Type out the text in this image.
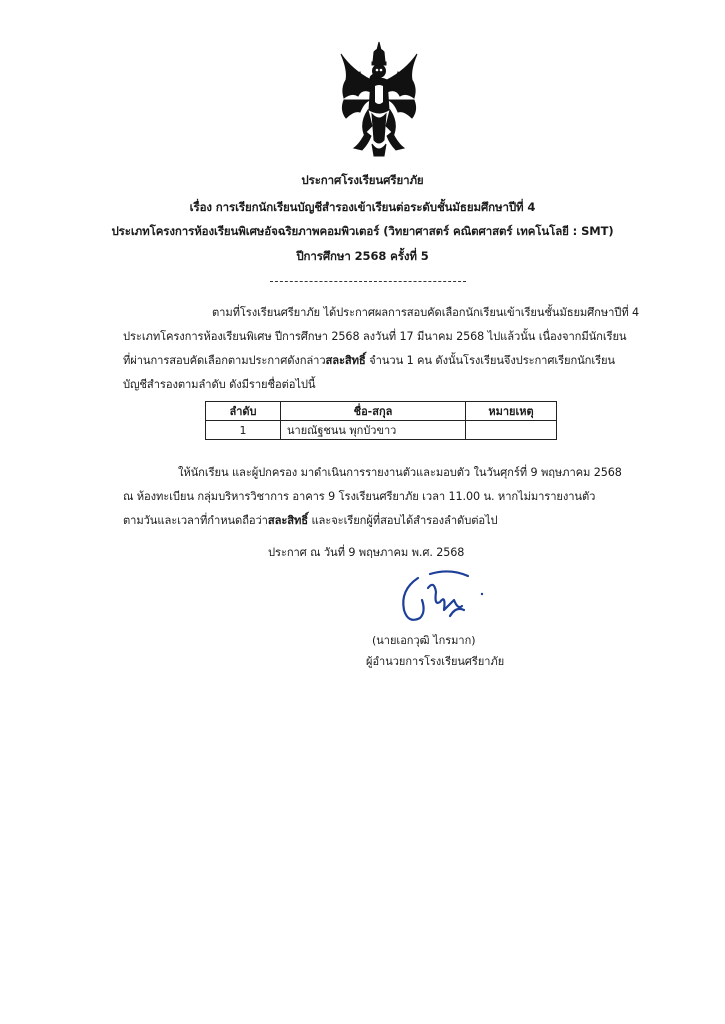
ประกาศโรงเรียนศรียาภัย
เรื่อง การเรียกนักเรียนบัญชีสำรองเข้าเรียนต่อระดับชั้นมัธยมศึกษาปีที่ 4
ประเภทโครงการห้องเรียนพิเศษอัจฉริยภาพคอมพิวเตอร์ (วิทยาศาสตร์ คณิตศาสตร์ เทคโนโลยี : SMT)
ปีการศึกษา 2568 ครั้งที่ 5
ตามที่โรงเรียนศรียาภัย ได้ประกาศผลการสอบคัดเลือกนักเรียนเข้าเรียนชั้นมัธยมศึกษาปีที่ 4
ประเภทโครงการห้องเรียนพิเศษ ปีการศึกษา 2568 ลงวันที่ 17 มีนาคม 2568 ไปแล้วนั้น เนื่องจากมีนักเรียน
ที่ผ่านการสอบคัดเลือกตามประกาศดังกล่าวสละสิทธิ์ จำนวน 1 คน ดังนั้นโรงเรียนจึงประกาศเรียกนักเรียน
บัญชีสำรองตามลำดับ ดังมีรายชื่อต่อไปนี้
ลำดับ	ชื่อ-สกุล	หมายเหตุ
1	นายณัฐชนน พุกบัวขาว	
ให้นักเรียน และผู้ปกครอง มาดำเนินการรายงานตัวและมอบตัว ในวันศุกร์ที่ 9 พฤษภาคม 2568
ณ ห้องทะเบียน กลุ่มบริหารวิชาการ อาคาร 9 โรงเรียนศรียาภัย เวลา 11.00 น. หากไม่มารายงานตัว
ตามวันและเวลาที่กำหนดถือว่าสละสิทธิ์ และจะเรียกผู้ที่สอบได้สำรองลำดับต่อไป
ประกาศ ณ วันที่ 9 พฤษภาคม พ.ศ. 2568
(นายเอกวุฒิ ไกรมาก)
ผู้อำนวยการโรงเรียนศรียาภัย
